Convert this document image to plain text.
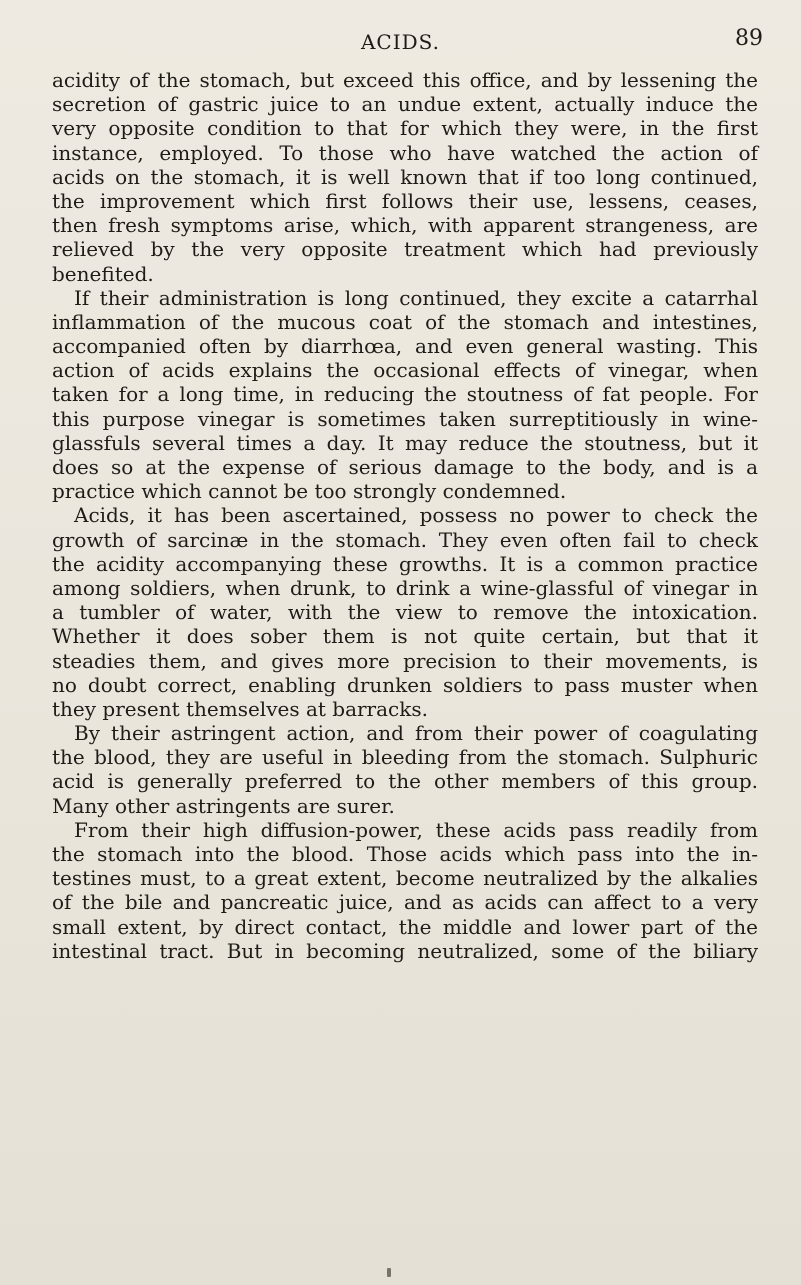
ACIDS.	89
acidity of the stomach, but exceed this office, and by lessening the
secretion of gastric juice to an undue extent, actually induce the
very opposite condition to that for which they were, in the first
instance, employed. To those who have watched the action of
acids on the stomach, it is well known that if too long continued,
the improvement which first follows their use, lessens, ceases,
then fresh symptoms arise, which, with apparent strangeness, are
relieved by the very opposite treatment which had previously
benefited.
If their administration is long continued, they excite a catarrhal
inflammation of the mucous coat of the stomach and intestines,
accompanied often by diarrhœa, and even general wasting. This
action of acids explains the occasional effects of vinegar, when
taken for a long time, in reducing the stoutness of fat people. For
this purpose vinegar is sometimes taken surreptitiously in wine-
glassfuls several times a day. It may reduce the stoutness, but it
does so at the expense of serious damage to the body, and is a
practice which cannot be too strongly condemned.
Acids, it has been ascertained, possess no power to check the
growth of sarcinæ in the stomach. They even often fail to check
the acidity accompanying these growths. It is a common practice
among soldiers, when drunk, to drink a wine-glassful of vinegar in
a tumbler of water, with the view to remove the intoxication.
Whether it does sober them is not quite certain, but that it
steadies them, and gives more precision to their movements, is
no doubt correct, enabling drunken soldiers to pass muster when
they present themselves at barracks.
By their astringent action, and from their power of coagulating
the blood, they are useful in bleeding from the stomach. Sulphuric
acid is generally preferred to the other members of this group.
Many other astringents are surer.
From their high diffusion-power, these acids pass readily from
the stomach into the blood. Those acids which pass into the in-
testines must, to a great extent, become neutralized by the alkalies
of the bile and pancreatic juice, and as acids can affect to a very
small extent, by direct contact, the middle and lower part of the
intestinal tract. But in becoming neutralized, some of the biliary
